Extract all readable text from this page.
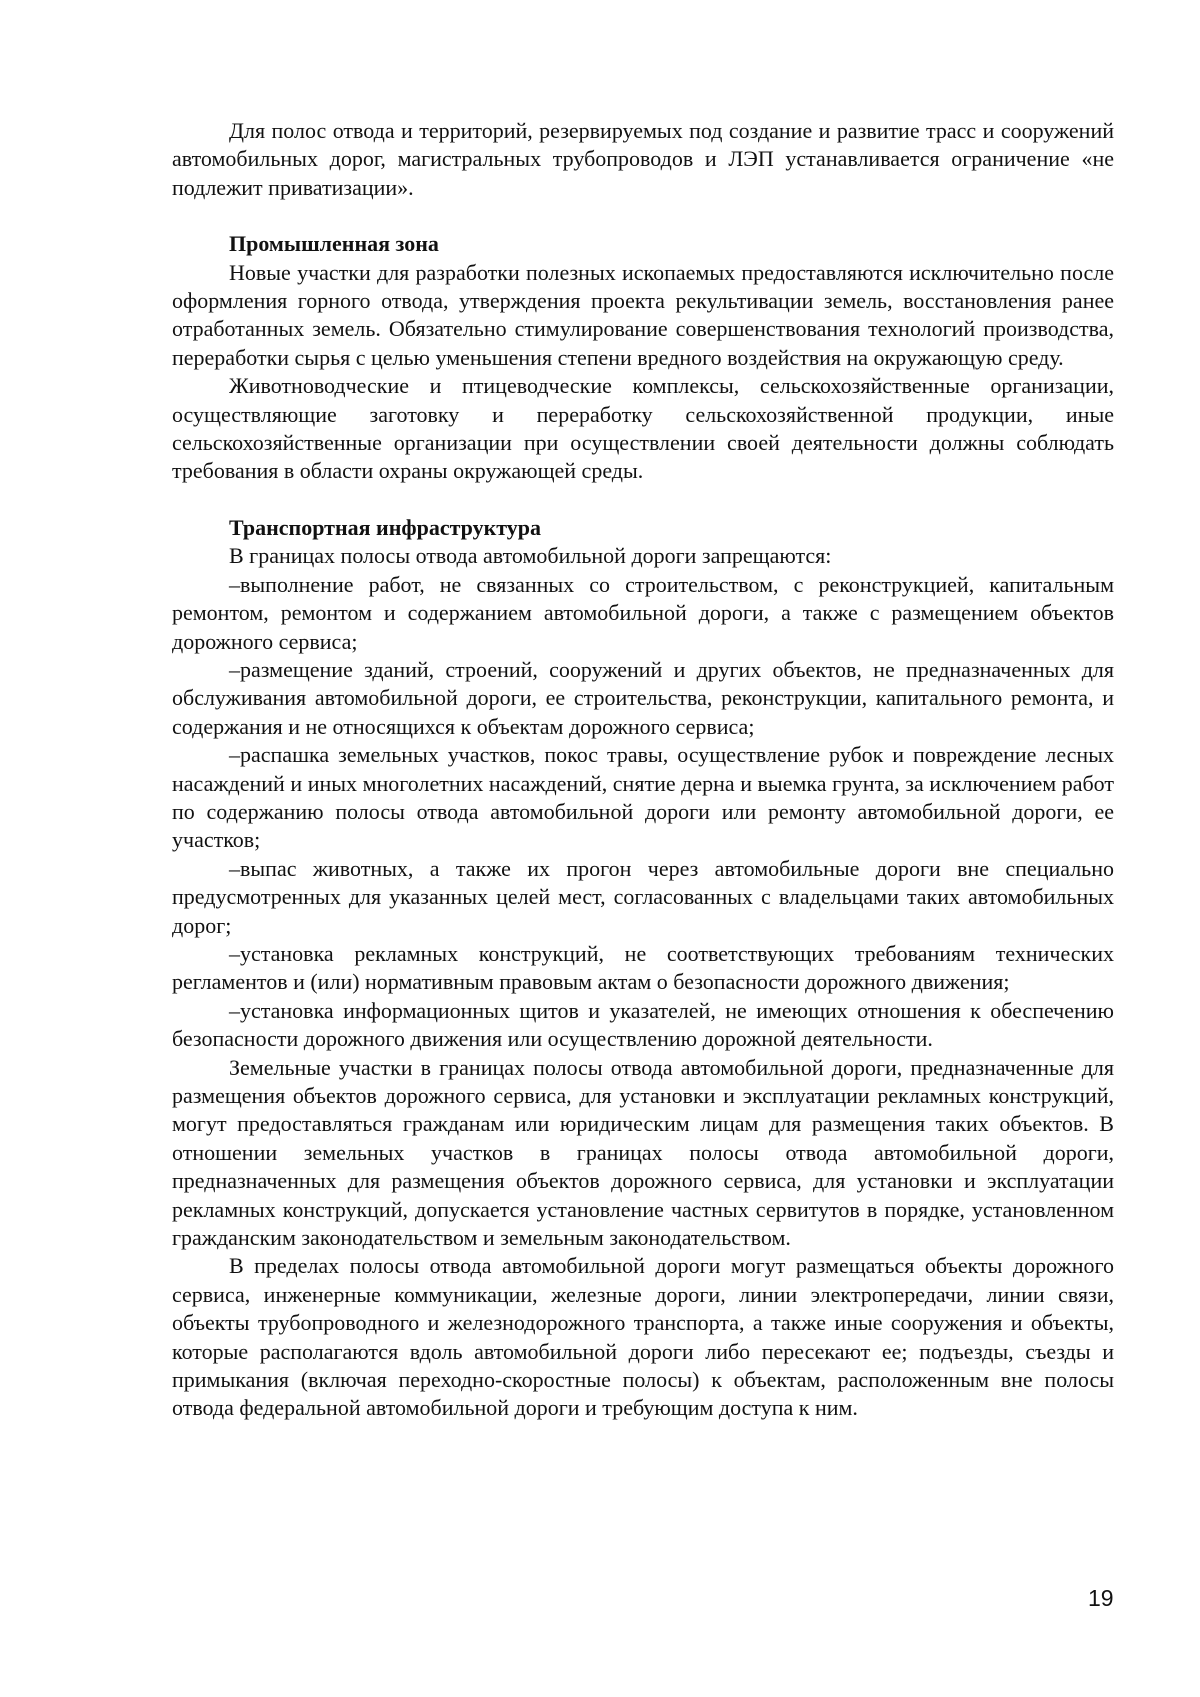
Для полос отвода и территорий, резервируемых под создание и развитие трасс и сооружений автомобильных дорог, магистральных трубопроводов и ЛЭП устанавливается ограничение «не подлежит приватизации».

Промышленная зона

Новые участки для разработки полезных ископаемых предоставляются исключительно после оформления горного отвода, утверждения проекта рекультивации земель, восстановления ранее отработанных земель. Обязательно стимулирование совершенствования технологий производства, переработки сырья с целью уменьшения степени вредного воздействия на окружающую среду.

Животноводческие и птицеводческие комплексы, сельскохозяйственные организации, осуществляющие заготовку и переработку сельскохозяйственной продукции, иные сельскохозяйственные организации при осуществлении своей деятельности должны соблюдать требования в области охраны окружающей среды.

Транспортная инфраструктура

В границах полосы отвода автомобильной дороги запрещаются:

–выполнение работ, не связанных со строительством, с реконструкцией, капитальным ремонтом, ремонтом и содержанием автомобильной дороги, а также с размещением объектов дорожного сервиса;

–размещение зданий, строений, сооружений и других объектов, не предназначенных для обслуживания автомобильной дороги, ее строительства, реконструкции, капитального ремонта, и содержания и не относящихся к объектам дорожного сервиса;

–распашка земельных участков, покос травы, осуществление рубок и повреждение лесных насаждений и иных многолетних насаждений, снятие дерна и выемка грунта, за исключением работ по содержанию полосы отвода автомобильной дороги или ремонту автомобильной дороги, ее участков;

–выпас животных, а также их прогон через автомобильные дороги вне специально предусмотренных для указанных целей мест, согласованных с владельцами таких автомобильных дорог;

–установка рекламных конструкций, не соответствующих требованиям технических регламентов и (или) нормативным правовым актам о безопасности дорожного движения;

–установка информационных щитов и указателей, не имеющих отношения к обеспечению безопасности дорожного движения или осуществлению дорожной деятельности.

Земельные участки в границах полосы отвода автомобильной дороги, предназначенные для размещения объектов дорожного сервиса, для установки и эксплуатации рекламных конструкций, могут предоставляться гражданам или юридическим лицам для размещения таких объектов. В отношении земельных участков в границах полосы отвода автомобильной дороги, предназначенных для размещения объектов дорожного сервиса, для установки и эксплуатации рекламных конструкций, допускается установление частных сервитутов в порядке, установленном гражданским законодательством и земельным законодательством.

В пределах полосы отвода автомобильной дороги могут размещаться объекты дорожного сервиса, инженерные коммуникации, железные дороги, линии электропередачи, линии связи, объекты трубопроводного и железнодорожного транспорта, а также иные сооружения и объекты, которые располагаются вдоль автомобильной дороги либо пересекают ее; подъезды, съезды и примыкания (включая переходно-скоростные полосы) к объектам, расположенным вне полосы отвода федеральной автомобильной дороги и требующим доступа к ним.

19
